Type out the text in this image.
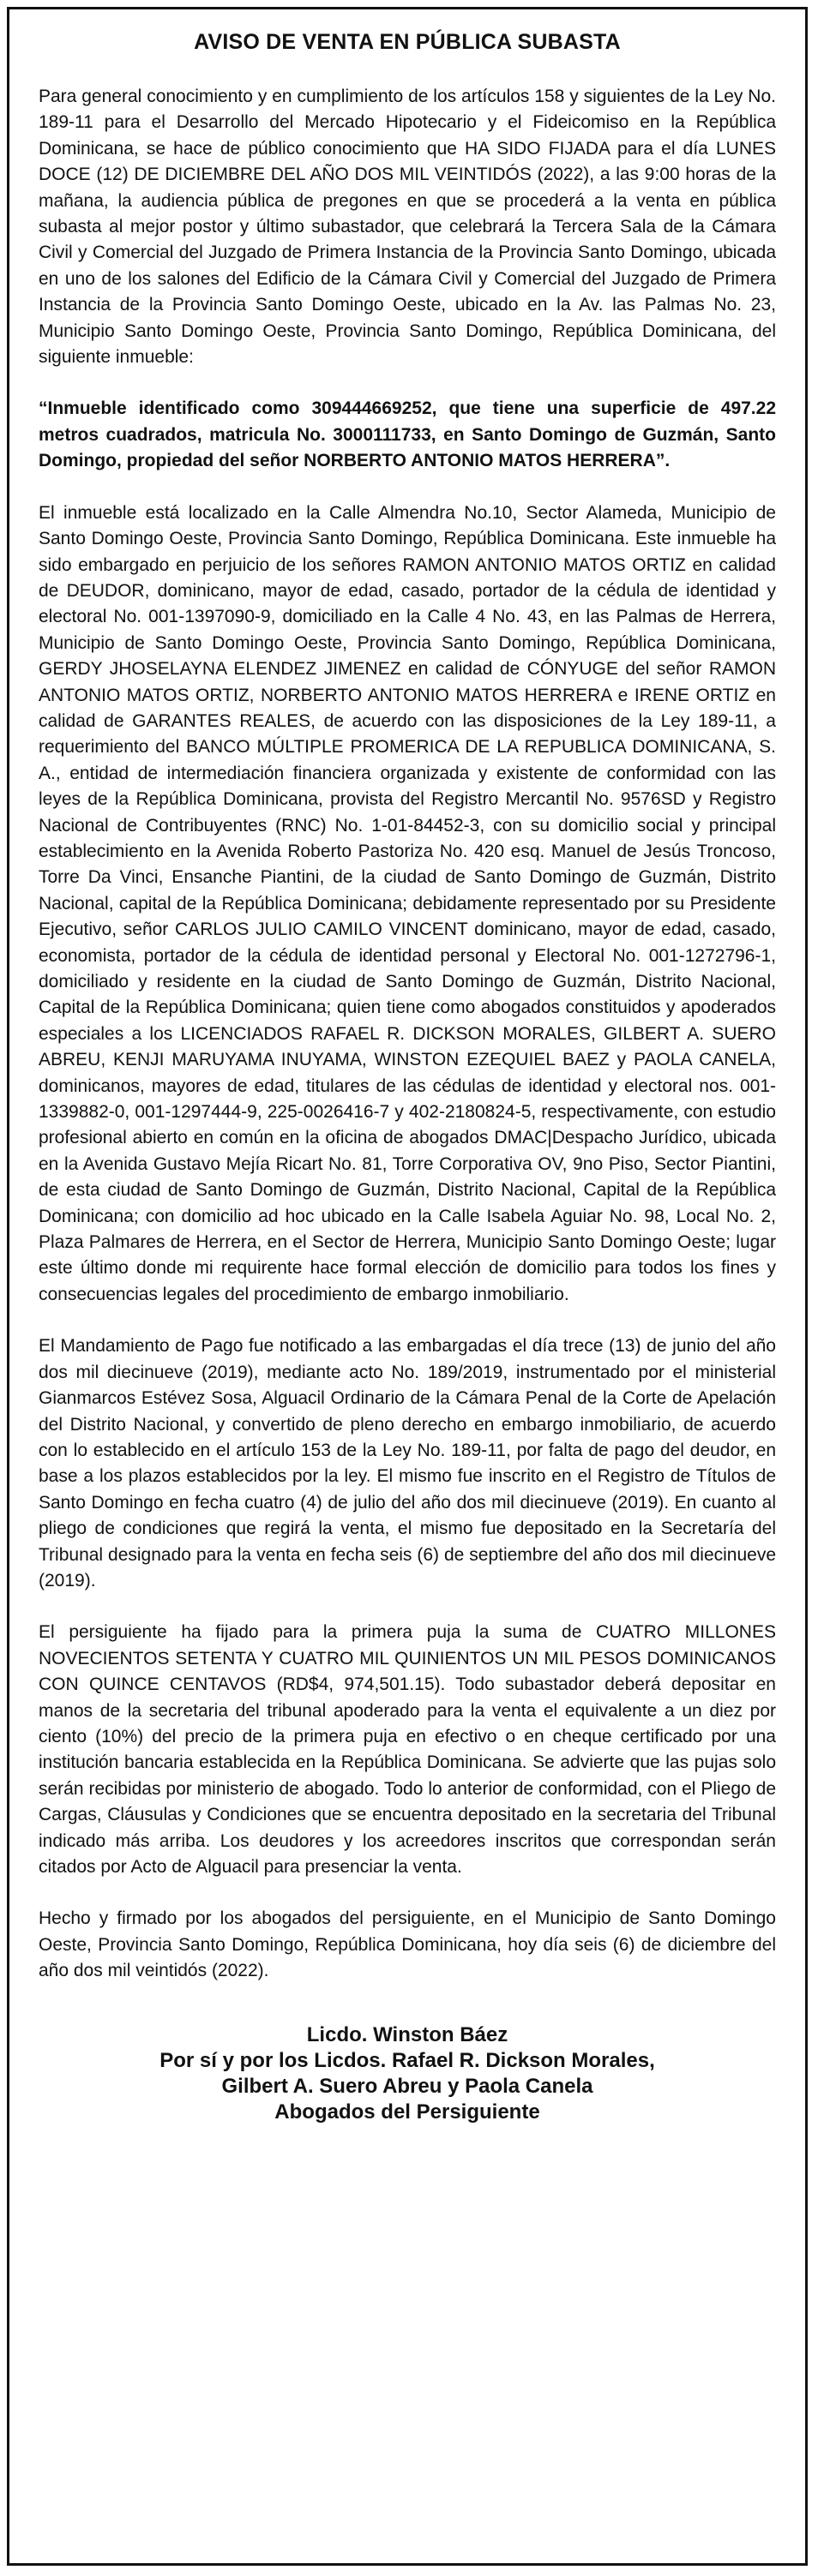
AVISO DE VENTA EN PÚBLICA SUBASTA

Para general conocimiento y en cumplimiento de los artículos 158 y siguientes de la Ley No. 189-11 para el Desarrollo del Mercado Hipotecario y el Fideicomiso en la República Dominicana, se hace de público conocimiento que HA SIDO FIJADA para el día LUNES DOCE (12) DE DICIEMBRE DEL AÑO DOS MIL VEINTIDÓS (2022), a las 9:00 horas de la mañana, la audiencia pública de pregones en que se procederá a la venta en pública subasta al mejor postor y último subastador, que celebrará la Tercera Sala de la Cámara Civil y Comercial del Juzgado de Primera Instancia de la Provincia Santo Domingo, ubicada en uno de los salones del Edificio de la Cámara Civil y Comercial del Juzgado de Primera Instancia de la Provincia Santo Domingo Oeste, ubicado en la Av. las Palmas No. 23, Municipio Santo Domingo Oeste, Provincia Santo Domingo, República Dominicana, del siguiente inmueble:

“Inmueble identificado como 309444669252, que tiene una superficie de 497.22 metros cuadrados, matricula No. 3000111733, en Santo Domingo de Guzmán, Santo Domingo, propiedad del señor NORBERTO ANTONIO MATOS HERRERA”.

El inmueble está localizado en la Calle Almendra No.10, Sector Alameda, Municipio de Santo Domingo Oeste, Provincia Santo Domingo, República Dominicana. Este inmueble ha sido embargado en perjuicio de los señores RAMON ANTONIO MATOS ORTIZ en calidad de DEUDOR, dominicano, mayor de edad, casado, portador de la cédula de identidad y electoral No. 001-1397090-9, domiciliado en la Calle 4 No. 43, en las Palmas de Herrera, Municipio de Santo Domingo Oeste, Provincia Santo Domingo, República Dominicana, GERDY JHOSELAYNA ELENDEZ JIMENEZ en calidad de CÓNYUGE del señor RAMON ANTONIO MATOS ORTIZ, NORBERTO ANTONIO MATOS HERRERA e IRENE ORTIZ en calidad de GARANTES REALES, de acuerdo con las disposiciones de la Ley 189-11, a requerimiento del BANCO MÚLTIPLE PROMERICA DE LA REPUBLICA DOMINICANA, S. A., entidad de intermediación financiera organizada y existente de conformidad con las leyes de la República Dominicana, provista del Registro Mercantil No. 9576SD y Registro Nacional de Contribuyentes (RNC) No. 1-01-84452-3, con su domicilio social y principal establecimiento en la Avenida Roberto Pastoriza No. 420 esq. Manuel de Jesús Troncoso, Torre Da Vinci, Ensanche Piantini, de la ciudad de Santo Domingo de Guzmán, Distrito Nacional, capital de la República Dominicana; debidamente representado por su Presidente Ejecutivo, señor CARLOS JULIO CAMILO VINCENT dominicano, mayor de edad, casado, economista, portador de la cédula de identidad personal y Electoral No. 001-1272796-1, domiciliado y residente en la ciudad de Santo Domingo de Guzmán, Distrito Nacional, Capital de la República Dominicana; quien tiene como abogados constituidos y apoderados especiales a los LICENCIADOS RAFAEL R. DICKSON MORALES, GILBERT A. SUERO ABREU, KENJI MARUYAMA INUYAMA, WINSTON EZEQUIEL BAEZ y PAOLA CANELA, dominicanos, mayores de edad, titulares de las cédulas de identidad y electoral nos. 001-1339882-0, 001-1297444-9, 225-0026416-7 y 402-2180824-5, respectivamente, con estudio profesional abierto en común en la oficina de abogados DMAC|Despacho Jurídico, ubicada en la Avenida Gustavo Mejía Ricart No. 81, Torre Corporativa OV, 9no Piso, Sector Piantini, de esta ciudad de Santo Domingo de Guzmán, Distrito Nacional, Capital de la República Dominicana; con domicilio ad hoc ubicado en la Calle Isabela Aguiar No. 98, Local No. 2, Plaza Palmares de Herrera, en el Sector de Herrera, Municipio Santo Domingo Oeste; lugar este último donde mi requirente hace formal elección de domicilio para todos los fines y consecuencias legales del procedimiento de embargo inmobiliario.

El Mandamiento de Pago fue notificado a las embargadas el día trece (13) de junio del año dos mil diecinueve (2019), mediante acto No. 189/2019, instrumentado por el ministerial Gianmarcos Estévez Sosa, Alguacil Ordinario de la Cámara Penal de la Corte de Apelación del Distrito Nacional, y convertido de pleno derecho en embargo inmobiliario, de acuerdo con lo establecido en el artículo 153 de la Ley No. 189-11, por falta de pago del deudor, en base a los plazos establecidos por la ley. El mismo fue inscrito en el Registro de Títulos de Santo Domingo en fecha cuatro (4) de julio del año dos mil diecinueve (2019). En cuanto al pliego de condiciones que regirá la venta, el mismo fue depositado en la Secretaría del Tribunal designado para la venta en fecha seis (6) de septiembre del año dos mil diecinueve (2019).

El persiguiente ha fijado para la primera puja la suma de CUATRO MILLONES NOVECIENTOS SETENTA Y CUATRO MIL QUINIENTOS UN MIL PESOS DOMINICANOS CON QUINCE CENTAVOS (RD$4, 974,501.15). Todo subastador deberá depositar en manos de la secretaria del tribunal apoderado para la venta el equivalente a un diez por ciento (10%) del precio de la primera puja en efectivo o en cheque certificado por una institución bancaria establecida en la República Dominicana. Se advierte que las pujas solo serán recibidas por ministerio de abogado. Todo lo anterior de conformidad, con el Pliego de Cargas, Cláusulas y Condiciones que se encuentra depositado en la secretaria del Tribunal indicado más arriba. Los deudores y los acreedores inscritos que correspondan serán citados por Acto de Alguacil para presenciar la venta.

Hecho y firmado por los abogados del persiguiente, en el Municipio de Santo Domingo Oeste, Provincia Santo Domingo, República Dominicana, hoy día seis (6) de diciembre del año dos mil veintidós (2022).

Licdo. Winston Báez
Por sí y por los Licdos. Rafael R. Dickson Morales,
Gilbert A. Suero Abreu y Paola Canela
Abogados del Persiguiente
